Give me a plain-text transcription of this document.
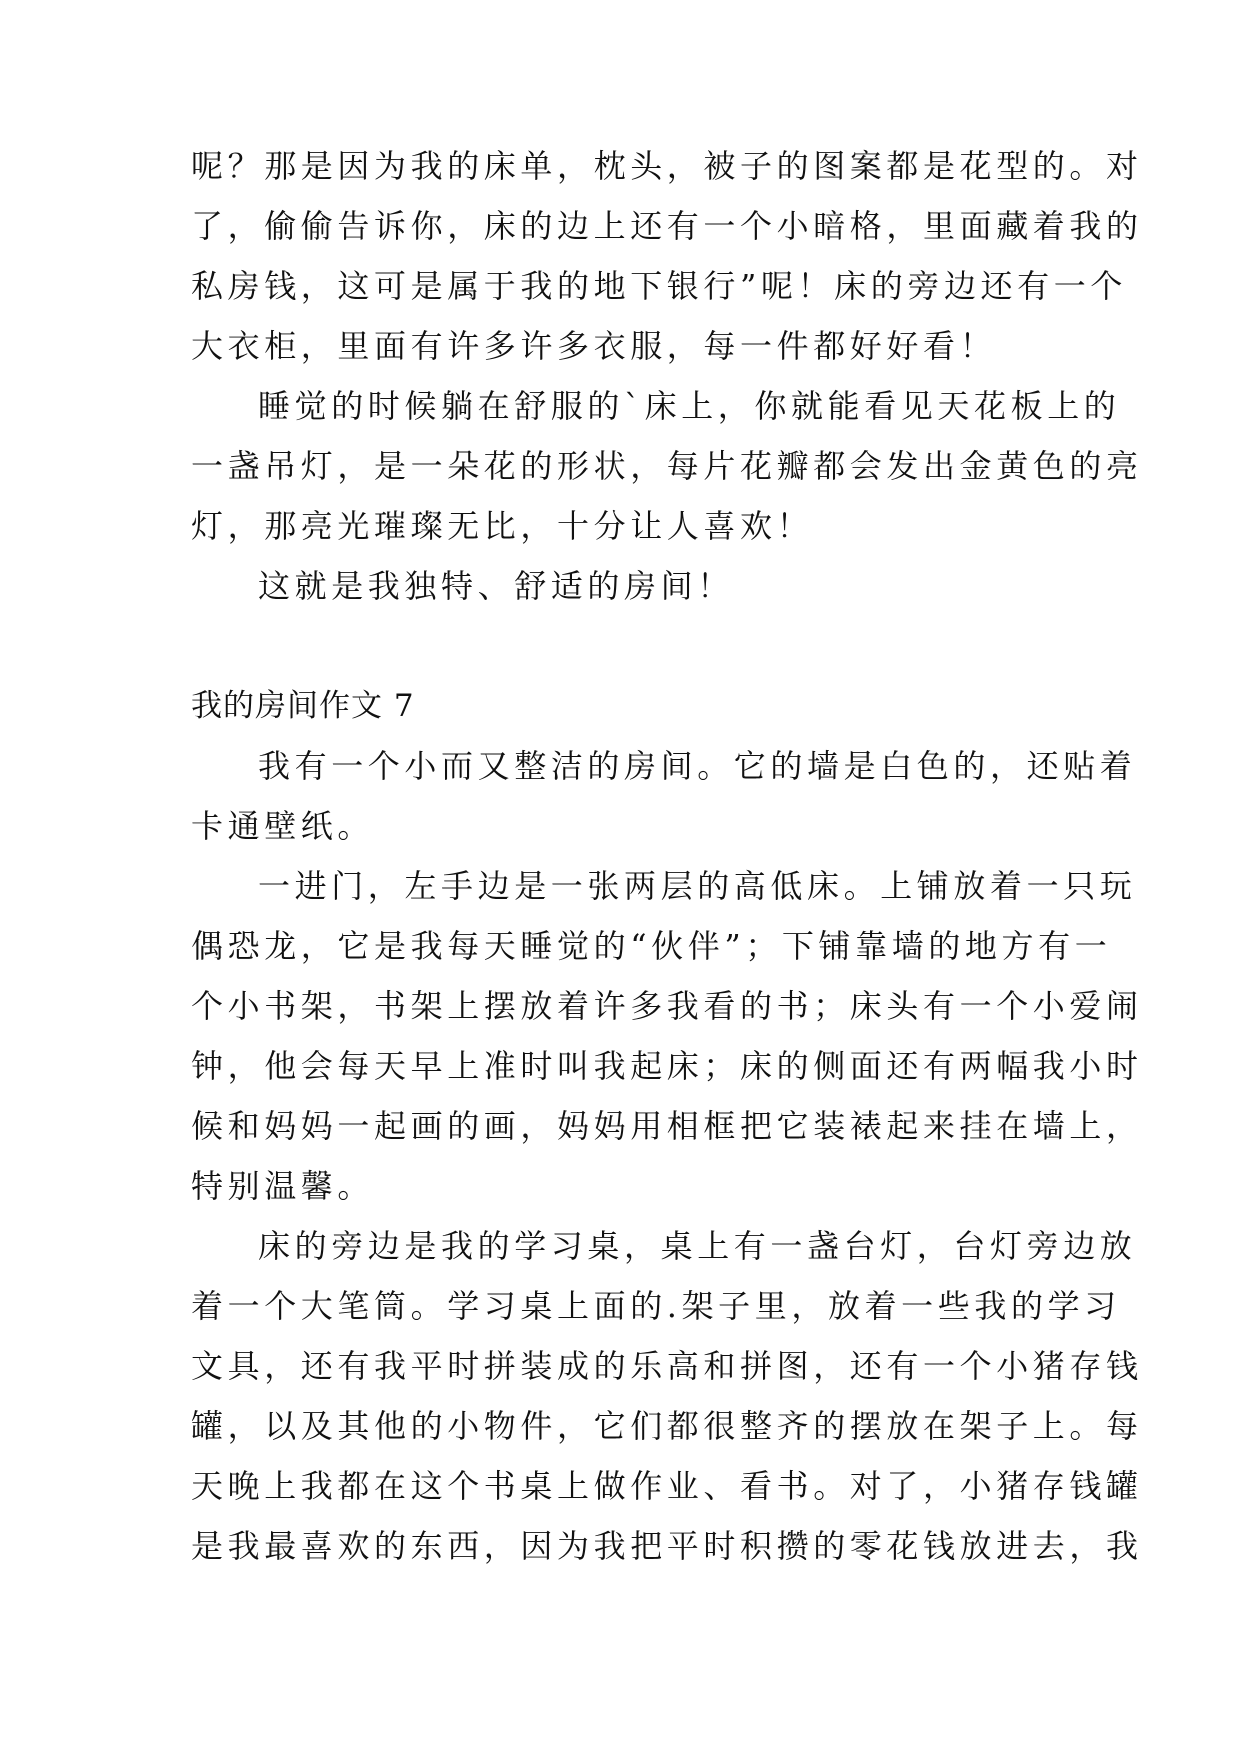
呢？那是因为我的床单，枕头，被子的图案都是花型的。对
了，偷偷告诉你，床的边上还有一个小暗格，里面藏着我的
私房钱，这可是属于我的地下银行”呢！床的旁边还有一个
大衣柜，里面有许多许多衣服，每一件都好好看！
睡觉的时候躺在舒服的`床上，你就能看见天花板上的
一盏吊灯，是一朵花的形状，每片花瓣都会发出金黄色的亮
灯，那亮光璀璨无比，十分让人喜欢！
这就是我独特、舒适的房间！
我的房间作文 7
我有一个小而又整洁的房间。它的墙是白色的，还贴着
卡通壁纸。
一进门，左手边是一张两层的高低床。上铺放着一只玩
偶恐龙，它是我每天睡觉的“伙伴”；下铺靠墙的地方有一
个小书架，书架上摆放着许多我看的书；床头有一个小爱闹
钟，他会每天早上准时叫我起床；床的侧面还有两幅我小时
候和妈妈一起画的画，妈妈用相框把它装裱起来挂在墙上，
特别温馨。
床的旁边是我的学习桌，桌上有一盏台灯，台灯旁边放
着一个大笔筒。学习桌上面的.架子里，放着一些我的学习
文具，还有我平时拼装成的乐高和拼图，还有一个小猪存钱
罐，以及其他的小物件，它们都很整齐的摆放在架子上。每
天晚上我都在这个书桌上做作业、看书。对了，小猪存钱罐
是我最喜欢的东西，因为我把平时积攒的零花钱放进去，我
